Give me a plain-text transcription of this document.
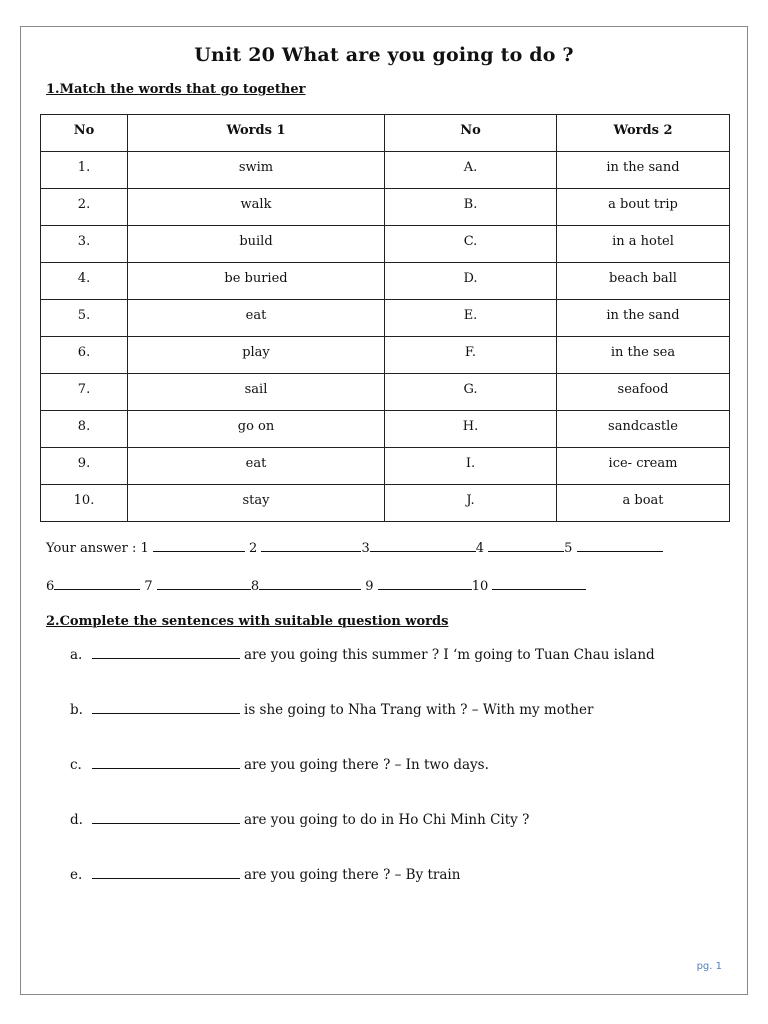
Unit 20 What are you going to do ?
1.Match the words that go together
No	Words 1	No	Words 2
1.	swim	A.	in the sand
2.	walk	B.	a bout trip
3.	build	C.	in a hotel
4.	be buried	D.	beach ball
5.	eat	E.	in the sand
6.	play	F.	in the sea
7.	sail	G.	seafood
8.	go on	H.	sandcastle
9.	eat	I.	ice- cream
10.	stay	J.	a boat
Your answer : 1	2	3	4	5
6	7	8	9	10
2.Complete the sentences with suitable question words
a.	are you going this summer ? I ‘m going to Tuan Chau island
b.	is she going to Nha Trang with ? – With my mother
c.	are you going there ? – In two days.
d.	are you going to do in Ho Chi Minh City ?
e.	are you going there ? – By train
pg. 1
